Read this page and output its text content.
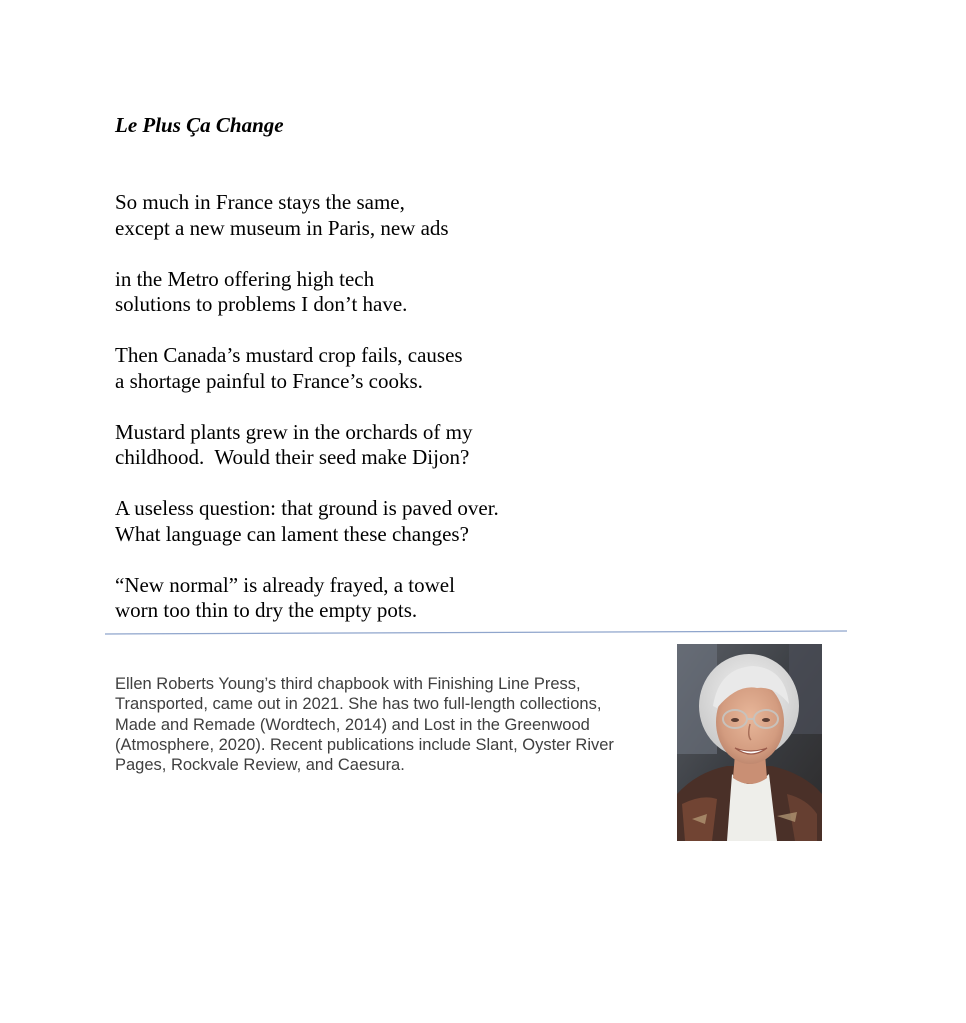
Le Plus Ça Change

So much in France stays the same,
except a new museum in Paris, new ads

in the Metro offering high tech
solutions to problems I don’t have.

Then Canada’s mustard crop fails, causes
a shortage painful to France’s cooks.

Mustard plants grew in the orchards of my
childhood.  Would their seed make Dijon?

A useless question: that ground is paved over.
What language can lament these changes?

“New normal” is already frayed, a towel
worn too thin to dry the empty pots.

Ellen Roberts Young’s third chapbook with Finishing Line Press,
Transported, came out in 2021. She has two full-length collections,
Made and Remade (Wordtech, 2014) and Lost in the Greenwood
(Atmosphere, 2020). Recent publications include Slant, Oyster River
Pages, Rockvale Review, and Caesura.
